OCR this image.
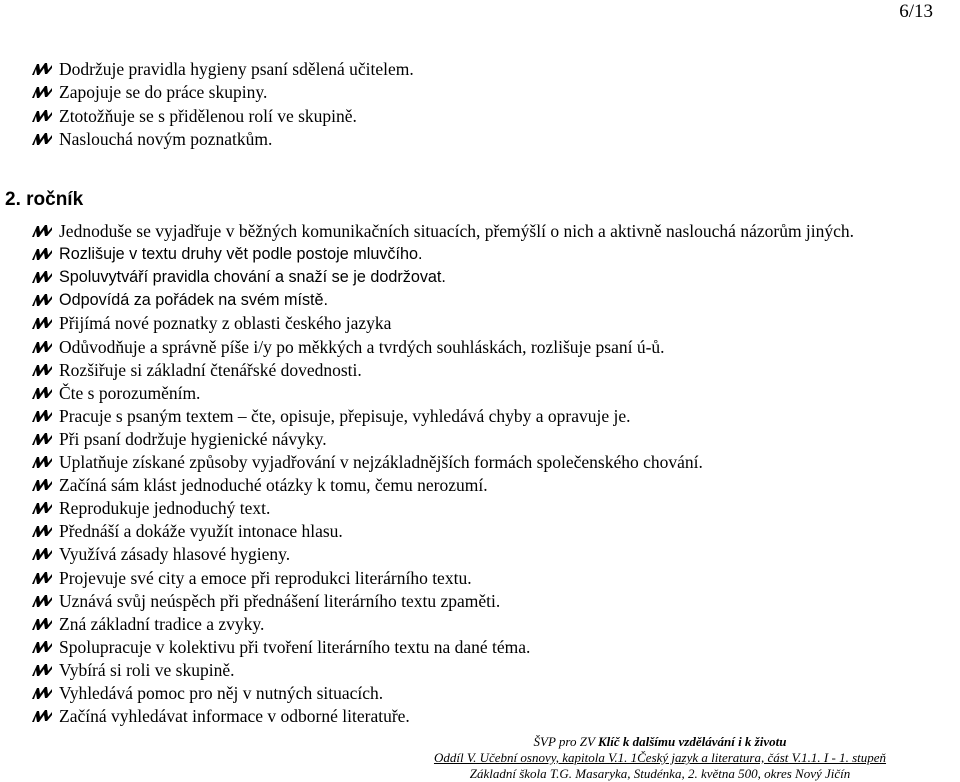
6/13
Dodržuje pravidla hygieny psaní sdělená učitelem.
Zapojuje se do práce skupiny.
Ztotožňuje se s přidělenou rolí ve skupině.
Naslouchá novým poznatkům.
2. ročník
Jednoduše se vyjadřuje v běžných komunikačních situacích, přemýšlí o nich a aktivně naslouchá názorům jiných.
Rozlišuje v textu druhy vět podle postoje mluvčího.
Spoluvytváří pravidla chování a snaží se je dodržovat.
Odpovídá za pořádek na svém místě.
Přijímá nové poznatky z oblasti českého jazyka
Odůvodňuje a správně píše i/y po měkkých a tvrdých souhláskách, rozlišuje psaní ú-ů.
Rozšiřuje si základní čtenářské dovednosti.
Čte s porozuměním.
Pracuje s psaným textem – čte, opisuje, přepisuje, vyhledává chyby a opravuje je.
Při psaní dodržuje hygienické návyky.
Uplatňuje získané způsoby vyjadřování v nejzákladnějších formách společenského chování.
Začíná sám klást jednoduché otázky k tomu, čemu nerozumí.
Reprodukuje jednoduchý text.
Přednáší a dokáže využít intonace hlasu.
Využívá zásady hlasové hygieny.
Projevuje své city a emoce při reprodukci literárního textu.
Uznává svůj neúspěch při přednášení literárního textu zpaměti.
Zná základní tradice a zvyky.
Spolupracuje v kolektivu při tvoření literárního textu na dané téma.
Vybírá si roli ve skupině.
Vyhledává pomoc pro něj v nutných situacích.
Začíná vyhledávat informace v odborné literatuře.
ŠVP pro ZV Klíč k dalšímu vzdělávání i k životu
Oddíl V. Učební osnovy, kapitola V.1. 1Český jazyk a literatura, část V.1.1. I - 1. stupeň
Základní škola T.G. Masaryka, Studénka, 2. května 500, okres Nový Jičín
